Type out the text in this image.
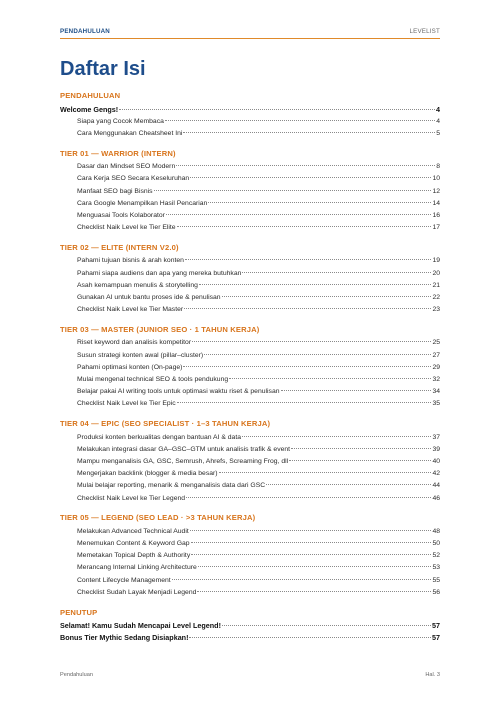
PENDAHULUAN	LEVELIST
Daftar Isi
PENDAHULUAN
Welcome Gengs!	4
Siapa yang Cocok Membaca	4
Cara Menggunakan Cheatsheet Ini	5
TIER 01 — WARRIOR (INTERN)
Dasar dan Mindset SEO Modern	8
Cara Kerja SEO Secara Keseluruhan	10
Manfaat SEO bagi Bisnis	12
Cara Google Menampilkan Hasil Pencarian	14
Menguasai Tools Kolaborator	16
Checklist Naik Level ke Tier Elite	17
TIER 02 — ELITE (INTERN V2.0)
Pahami tujuan bisnis & arah konten	19
Pahami siapa audiens dan apa yang mereka butuhkan	20
Asah kemampuan menulis & storytelling	21
Gunakan AI untuk bantu proses ide & penulisan	22
Checklist Naik Level ke Tier Master	23
TIER 03 — MASTER (JUNIOR SEO · 1 TAHUN KERJA)
Riset keyword dan analisis kompetitor	25
Susun strategi konten awal (pillar–cluster)	27
Pahami optimasi konten (On-page)	29
Mulai mengenal technical SEO & tools pendukung	32
Belajar pakai AI writing tools untuk optimasi waktu riset & penulisan	34
Checklist Naik Level ke Tier Epic	35
TIER 04 — EPIC (SEO SPECIALIST · 1–3 TAHUN KERJA)
Produksi konten berkualitas dengan bantuan AI & data	37
Melakukan integrasi dasar GA–GSC–GTM untuk analisis trafik & event	39
Mampu menganalisis GA, GSC, Semrush, Ahrefs, Screaming Frog, dll	40
Mengerjakan backlink (blogger & media besar)	42
Mulai belajar reporting, menarik & menganalisis data dari GSC	44
Checklist Naik Level ke Tier Legend	46
TIER 05 — LEGEND (SEO LEAD · >3 TAHUN KERJA)
Melakukan Advanced Technical Audit	48
Menemukan Content & Keyword Gap	50
Memetakan Topical Depth & Authority	52
Merancang Internal Linking Architecture	53
Content Lifecycle Management	55
Checklist Sudah Layak Menjadi Legend	56
PENUTUP
Selamat! Kamu Sudah Mencapai Level Legend!	57
Bonus Tier Mythic Sedang Disiapkan!	57
Pendahuluan	Hal. 3
